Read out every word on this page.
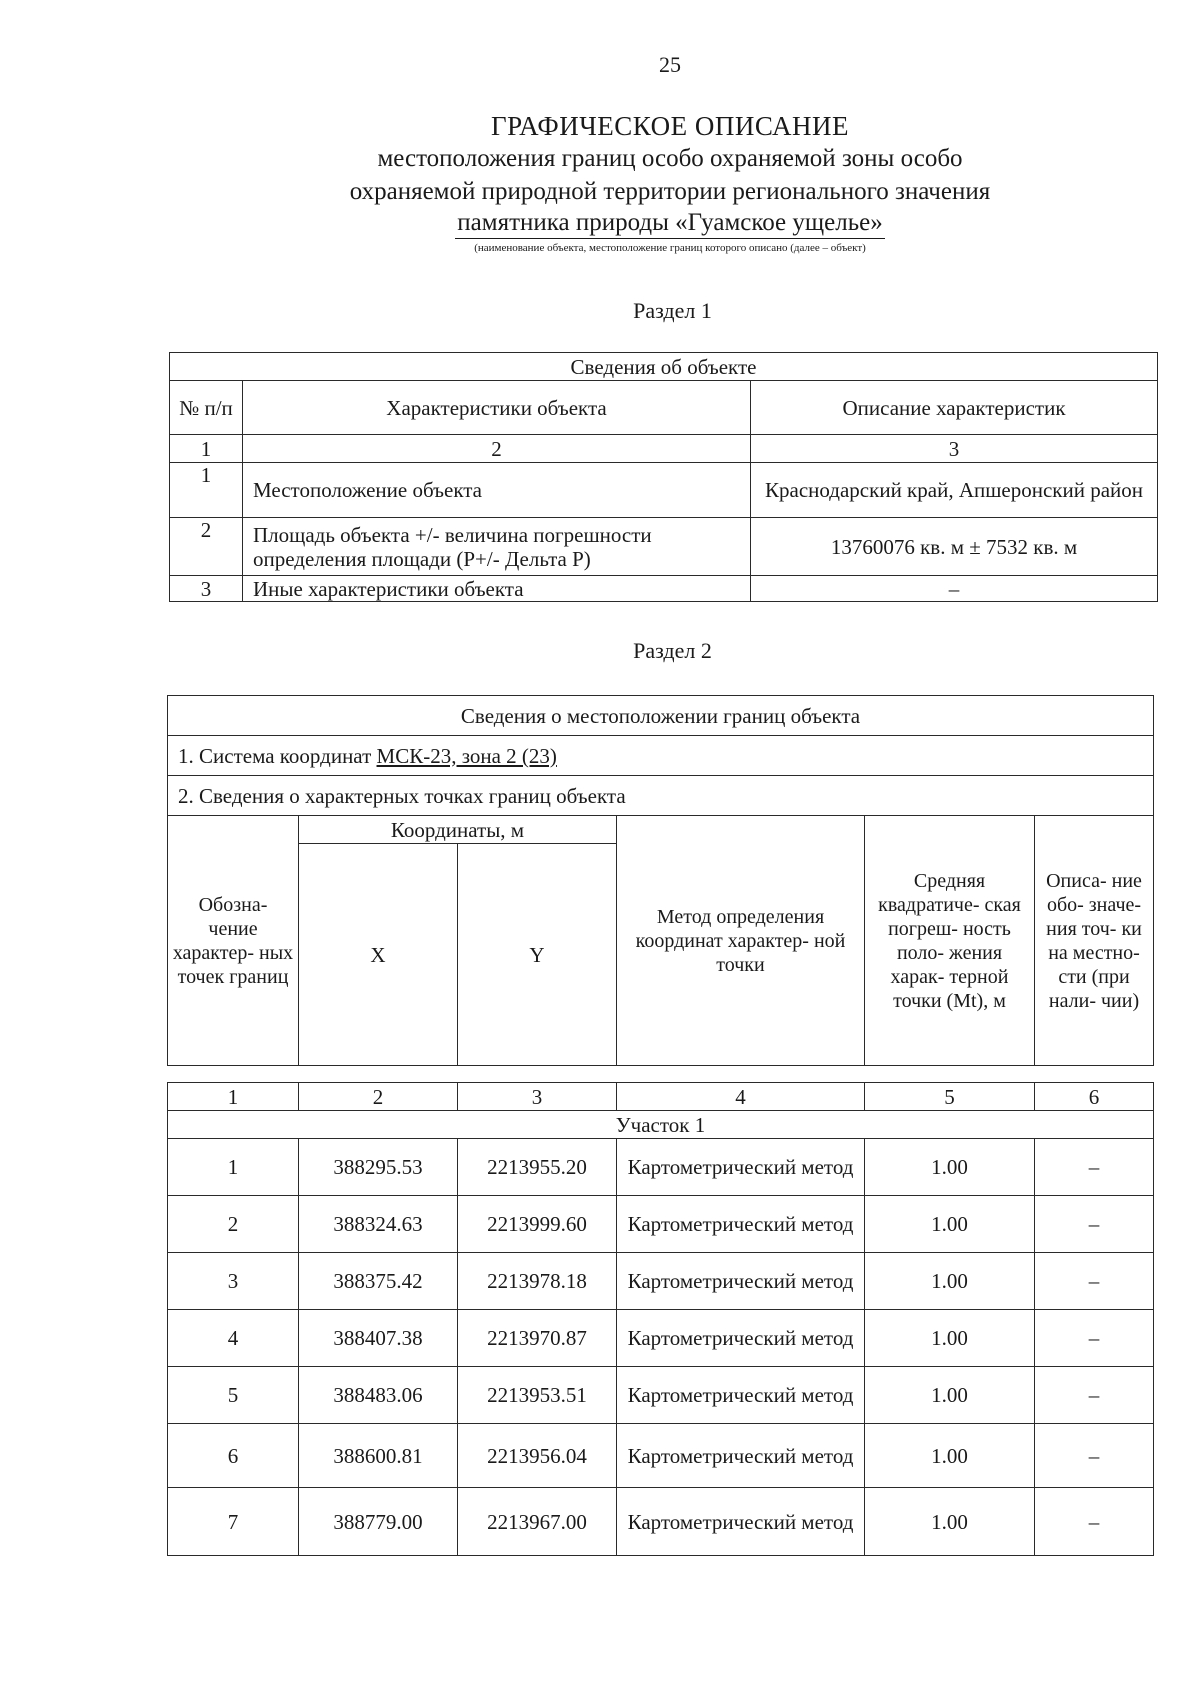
25
ГРАФИЧЕСКОЕ ОПИСАНИЕ
местоположения границ особо охраняемой зоны особо
охраняемой природной территории регионального значения
памятника природы «Гуамское ущелье»
(наименование объекта, местоположение границ которого описано (далее – объект)
Раздел 1
Сведения об объекте		
№ п/п	Характеристики объекта	Описание характеристик
1	2	3
1	Местоположение объекта	Краснодарский край, Апшеронский район
2	Площадь объекта +/- величина погрешности определения площади (Р+/- Дельта Р)	13760076 кв. м ± 7532 кв. м
3	Иные характеристики объекта	–
Раздел 2
Сведения о местоположении границ объекта					
1. Система координат МСК-23, зона 2 (23)					
2. Сведения о характерных точках границ объекта					
Обозна- чение характер- ных точек границ	Координаты, м		Метод определения координат характер- ной точки	Средняя квадратиче- ская погреш- ность поло- жения харак- терной точки (Mt), м	Описа- ние обо- значе- ния точ- ки на местно- сти (при нали- чии)
	X	Y			
1	2	3	4	5	6
Участок 1					
1	388295.53	2213955.20	Картометрический метод	1.00	–
2	388324.63	2213999.60	Картометрический метод	1.00	–
3	388375.42	2213978.18	Картометрический метод	1.00	–
4	388407.38	2213970.87	Картометрический метод	1.00	–
5	388483.06	2213953.51	Картометрический метод	1.00	–
6	388600.81	2213956.04	Картометрический метод	1.00	–
7	388779.00	2213967.00	Картометрический метод	1.00	–
